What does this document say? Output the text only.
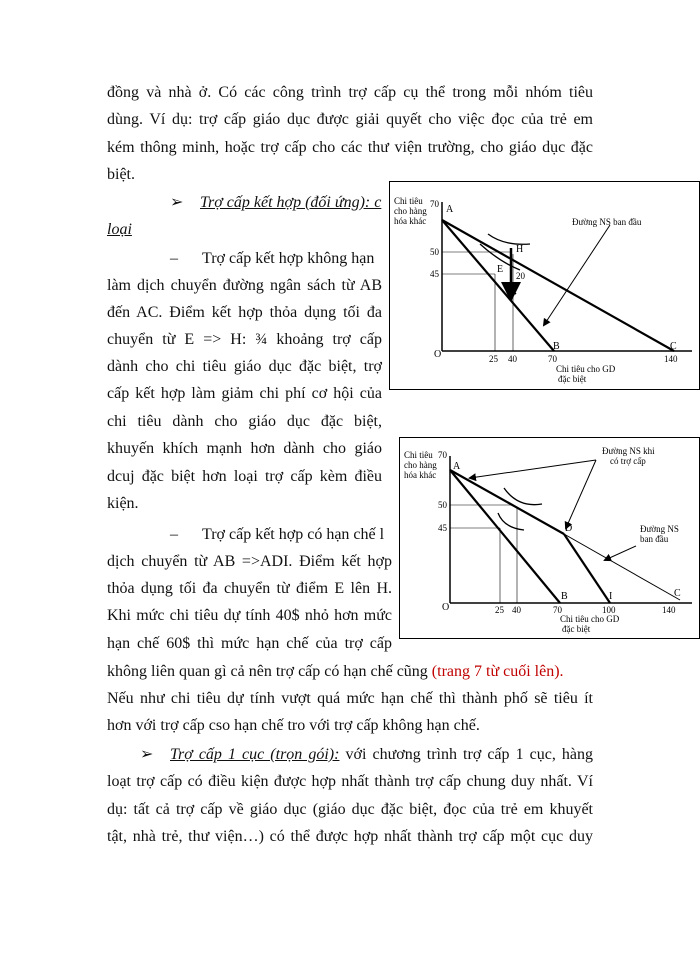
đồng và nhà ở. Có các công trình trợ cấp cụ thể trong mỗi nhóm tiêu
dùng. Ví dụ: trợ cấp giáo dục được giải quyết cho việc đọc của trẻ em
kém thông minh, hoặc trợ cấp cho các thư viện trường, cho giáo dục đặc
biệt.
➢ Trợ cấp kết hợp (đối ứng): c
loại
– Trợ cấp kết hợp không hạn
làm dịch chuyển đường ngân sách từ AB
đến AC. Điểm kết hợp thỏa dụng tối đa
chuyển từ E => H: ¾ khoảng trợ cấp
dành cho chi tiêu giáo dục đặc biệt, trợ
cấp kết hợp làm giảm chi phí cơ hội của
chi tiêu dành cho giáo dục đặc biệt,
khuyến khích mạnh hơn dành cho giáo
dcuj đặc biệt hơn loại trợ cấp kèm điều
kiện.
– Trợ cấp kết hợp có hạn chế l
dịch chuyển từ AB =>ADI. Điểm kết hợp
thỏa dụng tối đa chuyển từ điểm E lên H.
Khi mức chi tiêu dự tính 40$ nhỏ hơn mức
hạn chế 60$ thì mức hạn chế của trợ cấp
không liên quan gì cả nên trợ cấp có hạn chế cũng (trang 7 từ cuối lên).
Nếu như chi tiêu dự tính vượt quá mức hạn chế thì thành phố sẽ tiêu ít
hơn với trợ cấp cso hạn chế tro với trợ cấp không hạn chế.
➢ Trợ cấp 1 cục (trọn gói): với chương trình trợ cấp 1 cục, hàng
loạt trợ cấp có điều kiện được hợp nhất thành trợ cấp chung duy nhất. Ví
dụ: tất cả trợ cấp về giáo dục (giáo dục đặc biệt, đọc của trẻ em khuyết
tật, nhà trẻ, thư viện…) có thể được hợp nhất thành trợ cấp một cục duy
Chi tiêu
cho hàng
hóa khác
70
50
45
A
H
E
20
B	C
O	25 40	70	140
Chi tiêu cho GD
đặc biệt
Đường NS ban đầu
Chi tiêu
cho hàng
hóa khác
70
50
45
A
D
B	I	C
O	25 40	70	100	140
Chi tiêu cho GD
đặc biệt
Đường NS khi
có trợ cấp
Đường NS
ban đầu
